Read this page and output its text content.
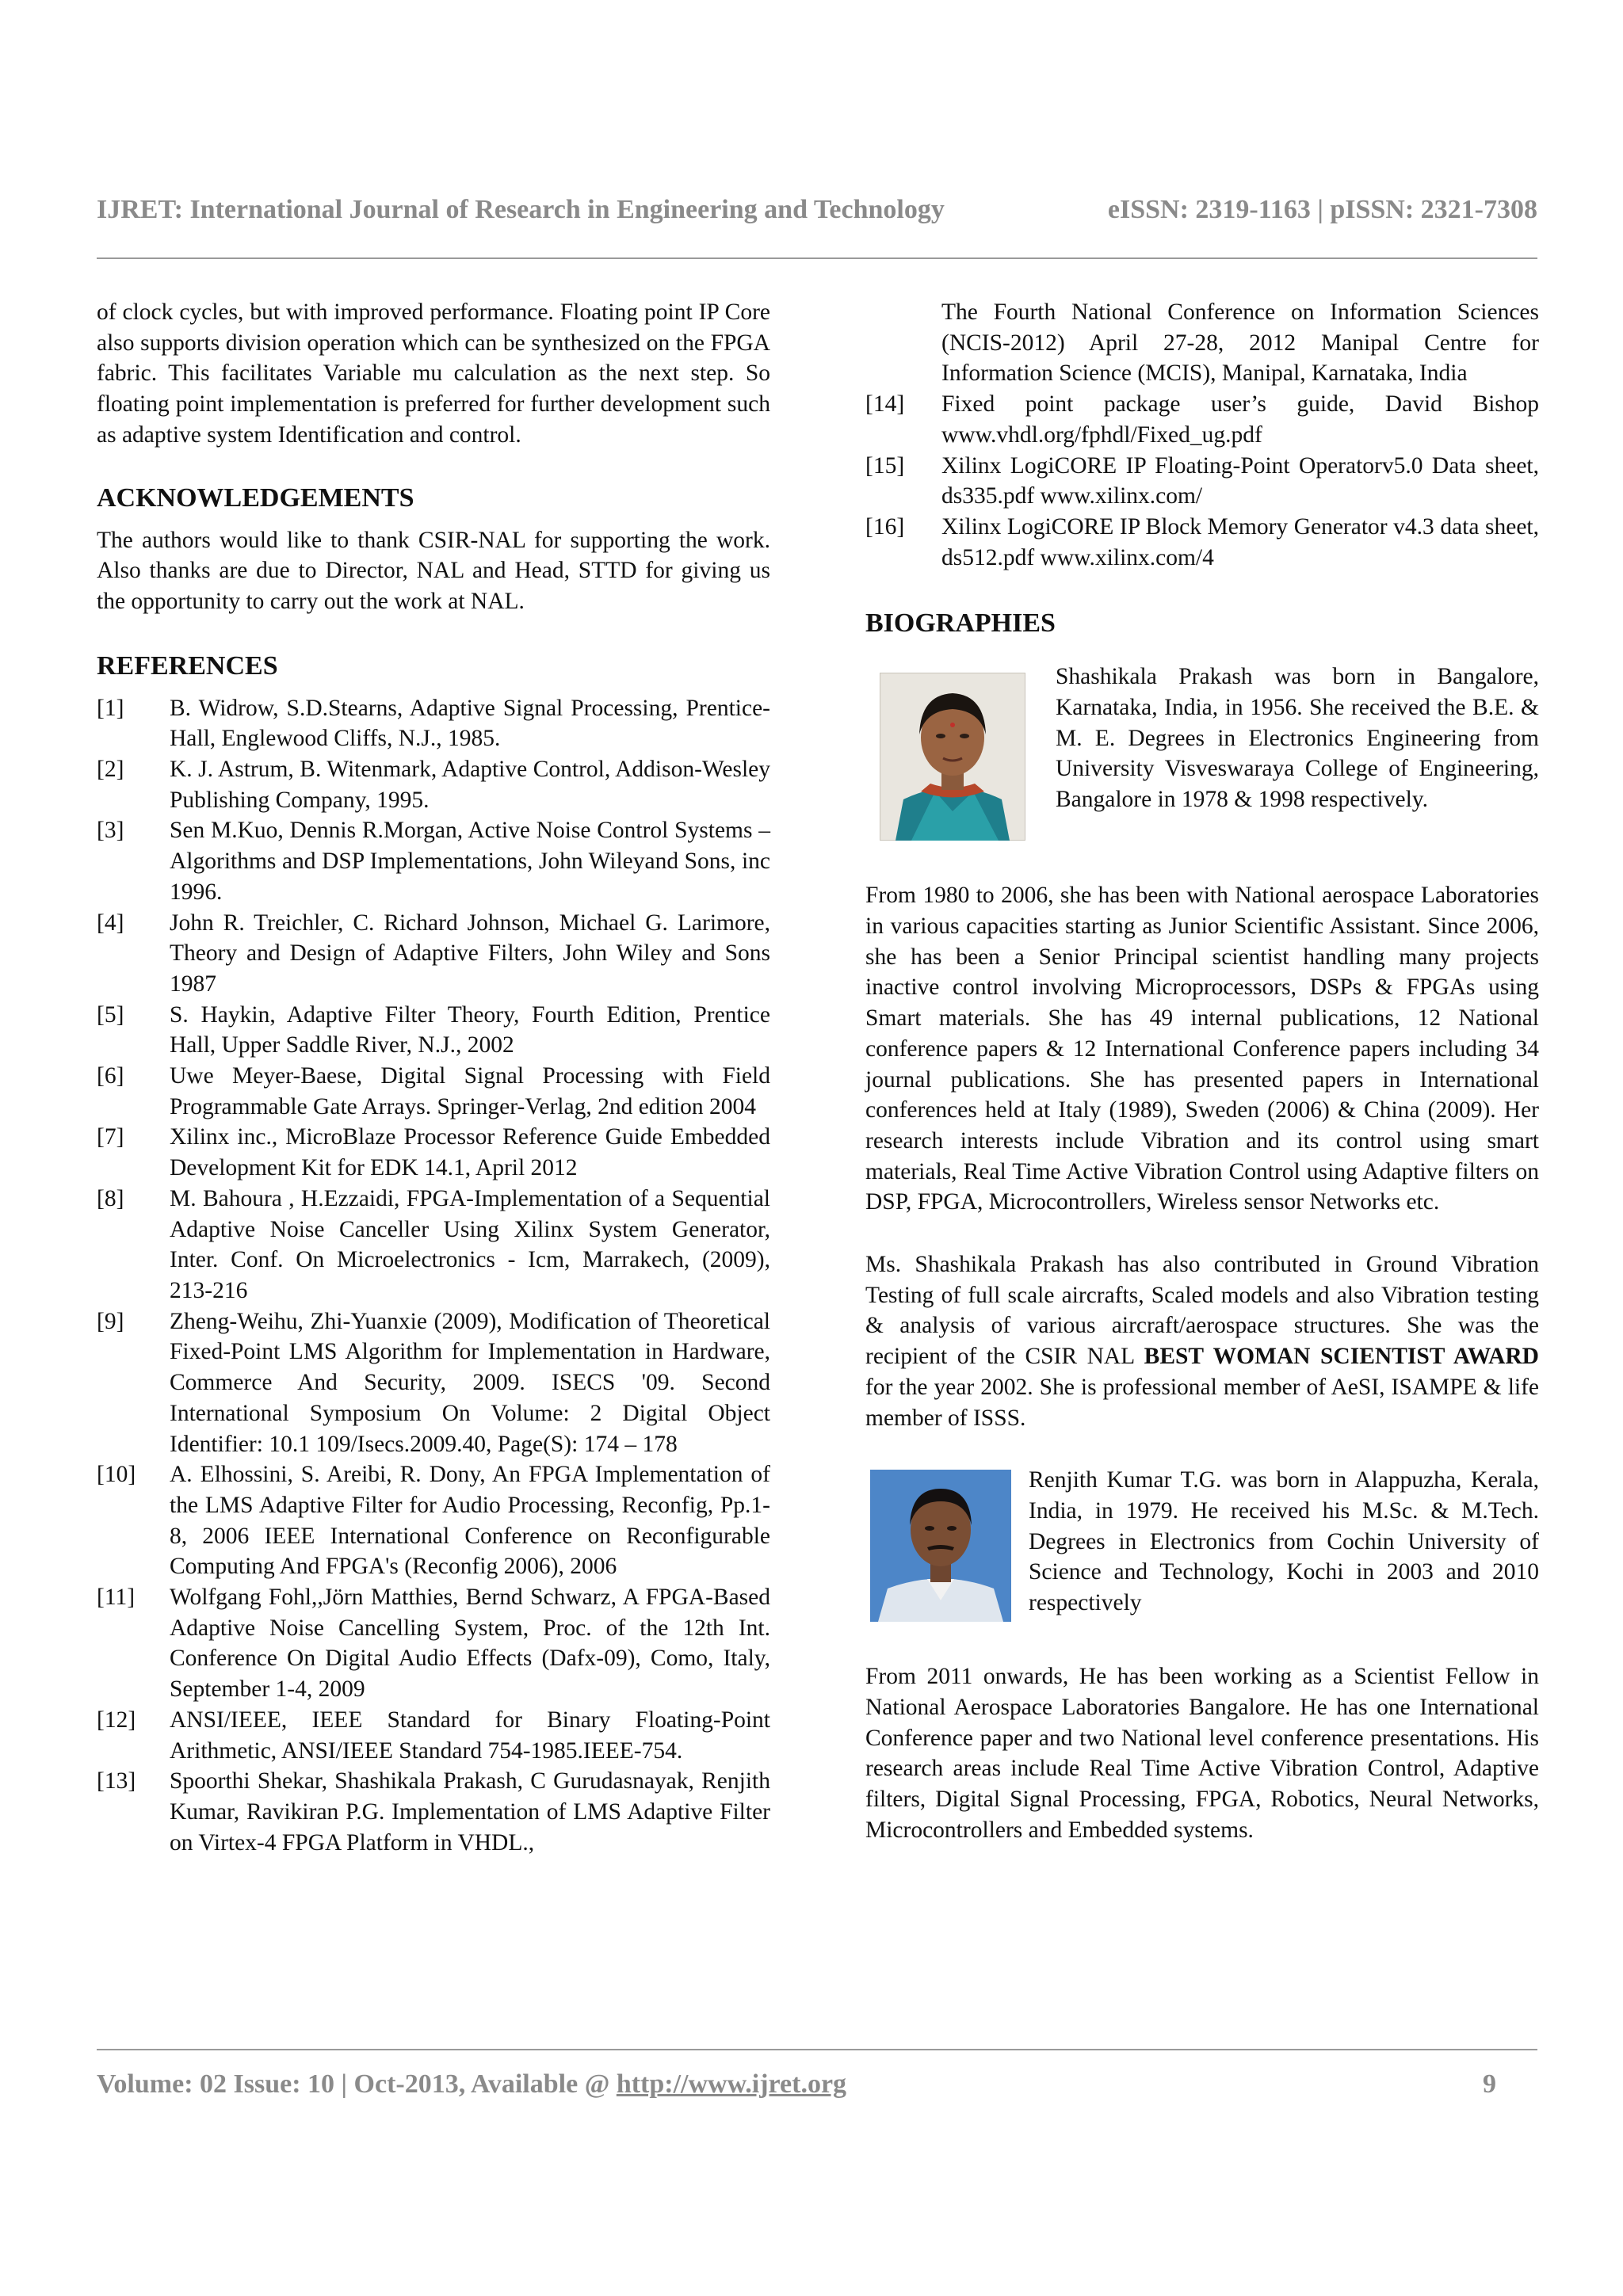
IJRET: International Journal of Research in Engineering and Technology	eISSN: 2319-1163 | pISSN: 2321-7308

of clock cycles, but with improved performance. Floating point IP Core also supports division operation which can be synthesized on the FPGA fabric. This facilitates Variable mu calculation as the next step. So floating point implementation is preferred for further development such as adaptive system Identification and control.

ACKNOWLEDGEMENTS

The authors would like to thank CSIR-NAL for supporting the work. Also thanks are due to Director, NAL and Head, STTD for giving us the opportunity to carry out the work at NAL.

REFERENCES
[1]	B. Widrow, S.D.Stearns, Adaptive Signal Processing, Prentice-Hall, Englewood Cliffs, N.J., 1985.
[2]	K. J. Astrum, B. Witenmark, Adaptive Control, Addison-Wesley Publishing Company, 1995.
[3]	Sen M.Kuo, Dennis R.Morgan, Active Noise Control Systems – Algorithms and DSP Implementations, John Wileyand Sons, inc 1996.
[4]	John R. Treichler, C. Richard Johnson, Michael G. Larimore, Theory and Design of Adaptive Filters, John Wiley and Sons 1987
[5]	S. Haykin, Adaptive Filter Theory, Fourth Edition, Prentice Hall, Upper Saddle River, N.J., 2002
[6]	Uwe Meyer-Baese, Digital Signal Processing with Field Programmable Gate Arrays. Springer-Verlag, 2nd edition 2004
[7]	Xilinx inc., MicroBlaze Processor Reference Guide Embedded Development Kit for EDK 14.1, April 2012
[8]	M. Bahoura , H.Ezzaidi, FPGA-Implementation of a Sequential Adaptive Noise Canceller Using Xilinx System Generator, Inter. Conf. On Microelectronics - Icm, Marrakech, (2009), 213-216
[9]	Zheng-Weihu, Zhi-Yuanxie (2009), Modification of Theoretical Fixed-Point LMS Algorithm for Implementation in Hardware, Commerce And Security, 2009. ISECS '09. Second International Symposium On Volume: 2 Digital Object Identifier: 10.1 109/Isecs.2009.40, Page(S): 174 – 178
[10]	A. Elhossini, S. Areibi, R. Dony, An FPGA Implementation of the LMS Adaptive Filter for Audio Processing, Reconfig, Pp.1-8, 2006 IEEE International Conference on Reconfigurable Computing And FPGA's (Reconfig 2006), 2006
[11]	Wolfgang Fohl,,Jörn Matthies, Bernd Schwarz, A FPGA-Based Adaptive Noise Cancelling System, Proc. of the 12th Int. Conference On Digital Audio Effects (Dafx-09), Como, Italy, September 1-4, 2009
[12]	ANSI/IEEE, IEEE Standard for Binary Floating-Point Arithmetic, ANSI/IEEE Standard 754-1985.IEEE-754.
[13]	Spoorthi Shekar, Shashikala Prakash, C Gurudasnayak, Renjith Kumar, Ravikiran P.G. Implementation of LMS Adaptive Filter on Virtex-4 FPGA Platform in VHDL.,

The Fourth National Conference on Information Sciences (NCIS-2012) April 27-28, 2012 Manipal Centre for Information Science (MCIS), Manipal, Karnataka, India

[14]	Fixed point package user’s guide, David Bishop www.vhdl.org/fphdl/Fixed_ug.pdf
[15]	Xilinx LogiCORE IP Floating-Point Operatorv5.0 Data sheet, ds335.pdf www.xilinx.com/
[16]	Xilinx LogiCORE IP Block Memory Generator v4.3 data sheet, ds512.pdf www.xilinx.com/4
BIOGRAPHIES

Shashikala Prakash was born in Bangalore, Karnataka, India, in 1956. She received the B.E. & M. E. Degrees in Electronics Engineering from University Visveswaraya College of Engineering, Bangalore in 1978 & 1998 respectively.

From 1980 to 2006, she has been with National aerospace Laboratories in various capacities starting as Junior Scientific Assistant. Since 2006, she has been a Senior Principal scientist handling many projects inactive control involving Microprocessors, DSPs & FPGAs using Smart materials. She has 49 internal publications, 12 National conference papers & 12 International Conference papers including 34 journal publications. She has presented papers in International conferences held at Italy (1989), Sweden (2006) & China (2009). Her research interests include Vibration and its control using smart materials, Real Time Active Vibration Control using Adaptive filters on DSP, FPGA, Microcontrollers, Wireless sensor Networks etc.

Ms. Shashikala Prakash has also contributed in Ground Vibration Testing of full scale aircrafts, Scaled models and also Vibration testing & analysis of various aircraft/aerospace structures. She was the recipient of the CSIR NAL BEST WOMAN SCIENTIST AWARD for the year 2002. She is professional member of AeSI, ISAMPE & life member of ISSS.

Renjith Kumar T.G. was born in Alappuzha, Kerala, India, in 1979. He received his M.Sc. & M.Tech. Degrees in Electronics from Cochin University of Science and Technology, Kochi in 2003 and 2010 respectively

From 2011 onwards, He has been working as a Scientist Fellow in National Aerospace Laboratories Bangalore. He has one International Conference paper and two National level conference presentations. His research areas include Real Time Active Vibration Control, Adaptive filters, Digital Signal Processing, FPGA, Robotics, Neural Networks, Microcontrollers and Embedded systems.

Volume: 02 Issue: 10 | Oct-2013, Available @ http://www.ijret.org	9
